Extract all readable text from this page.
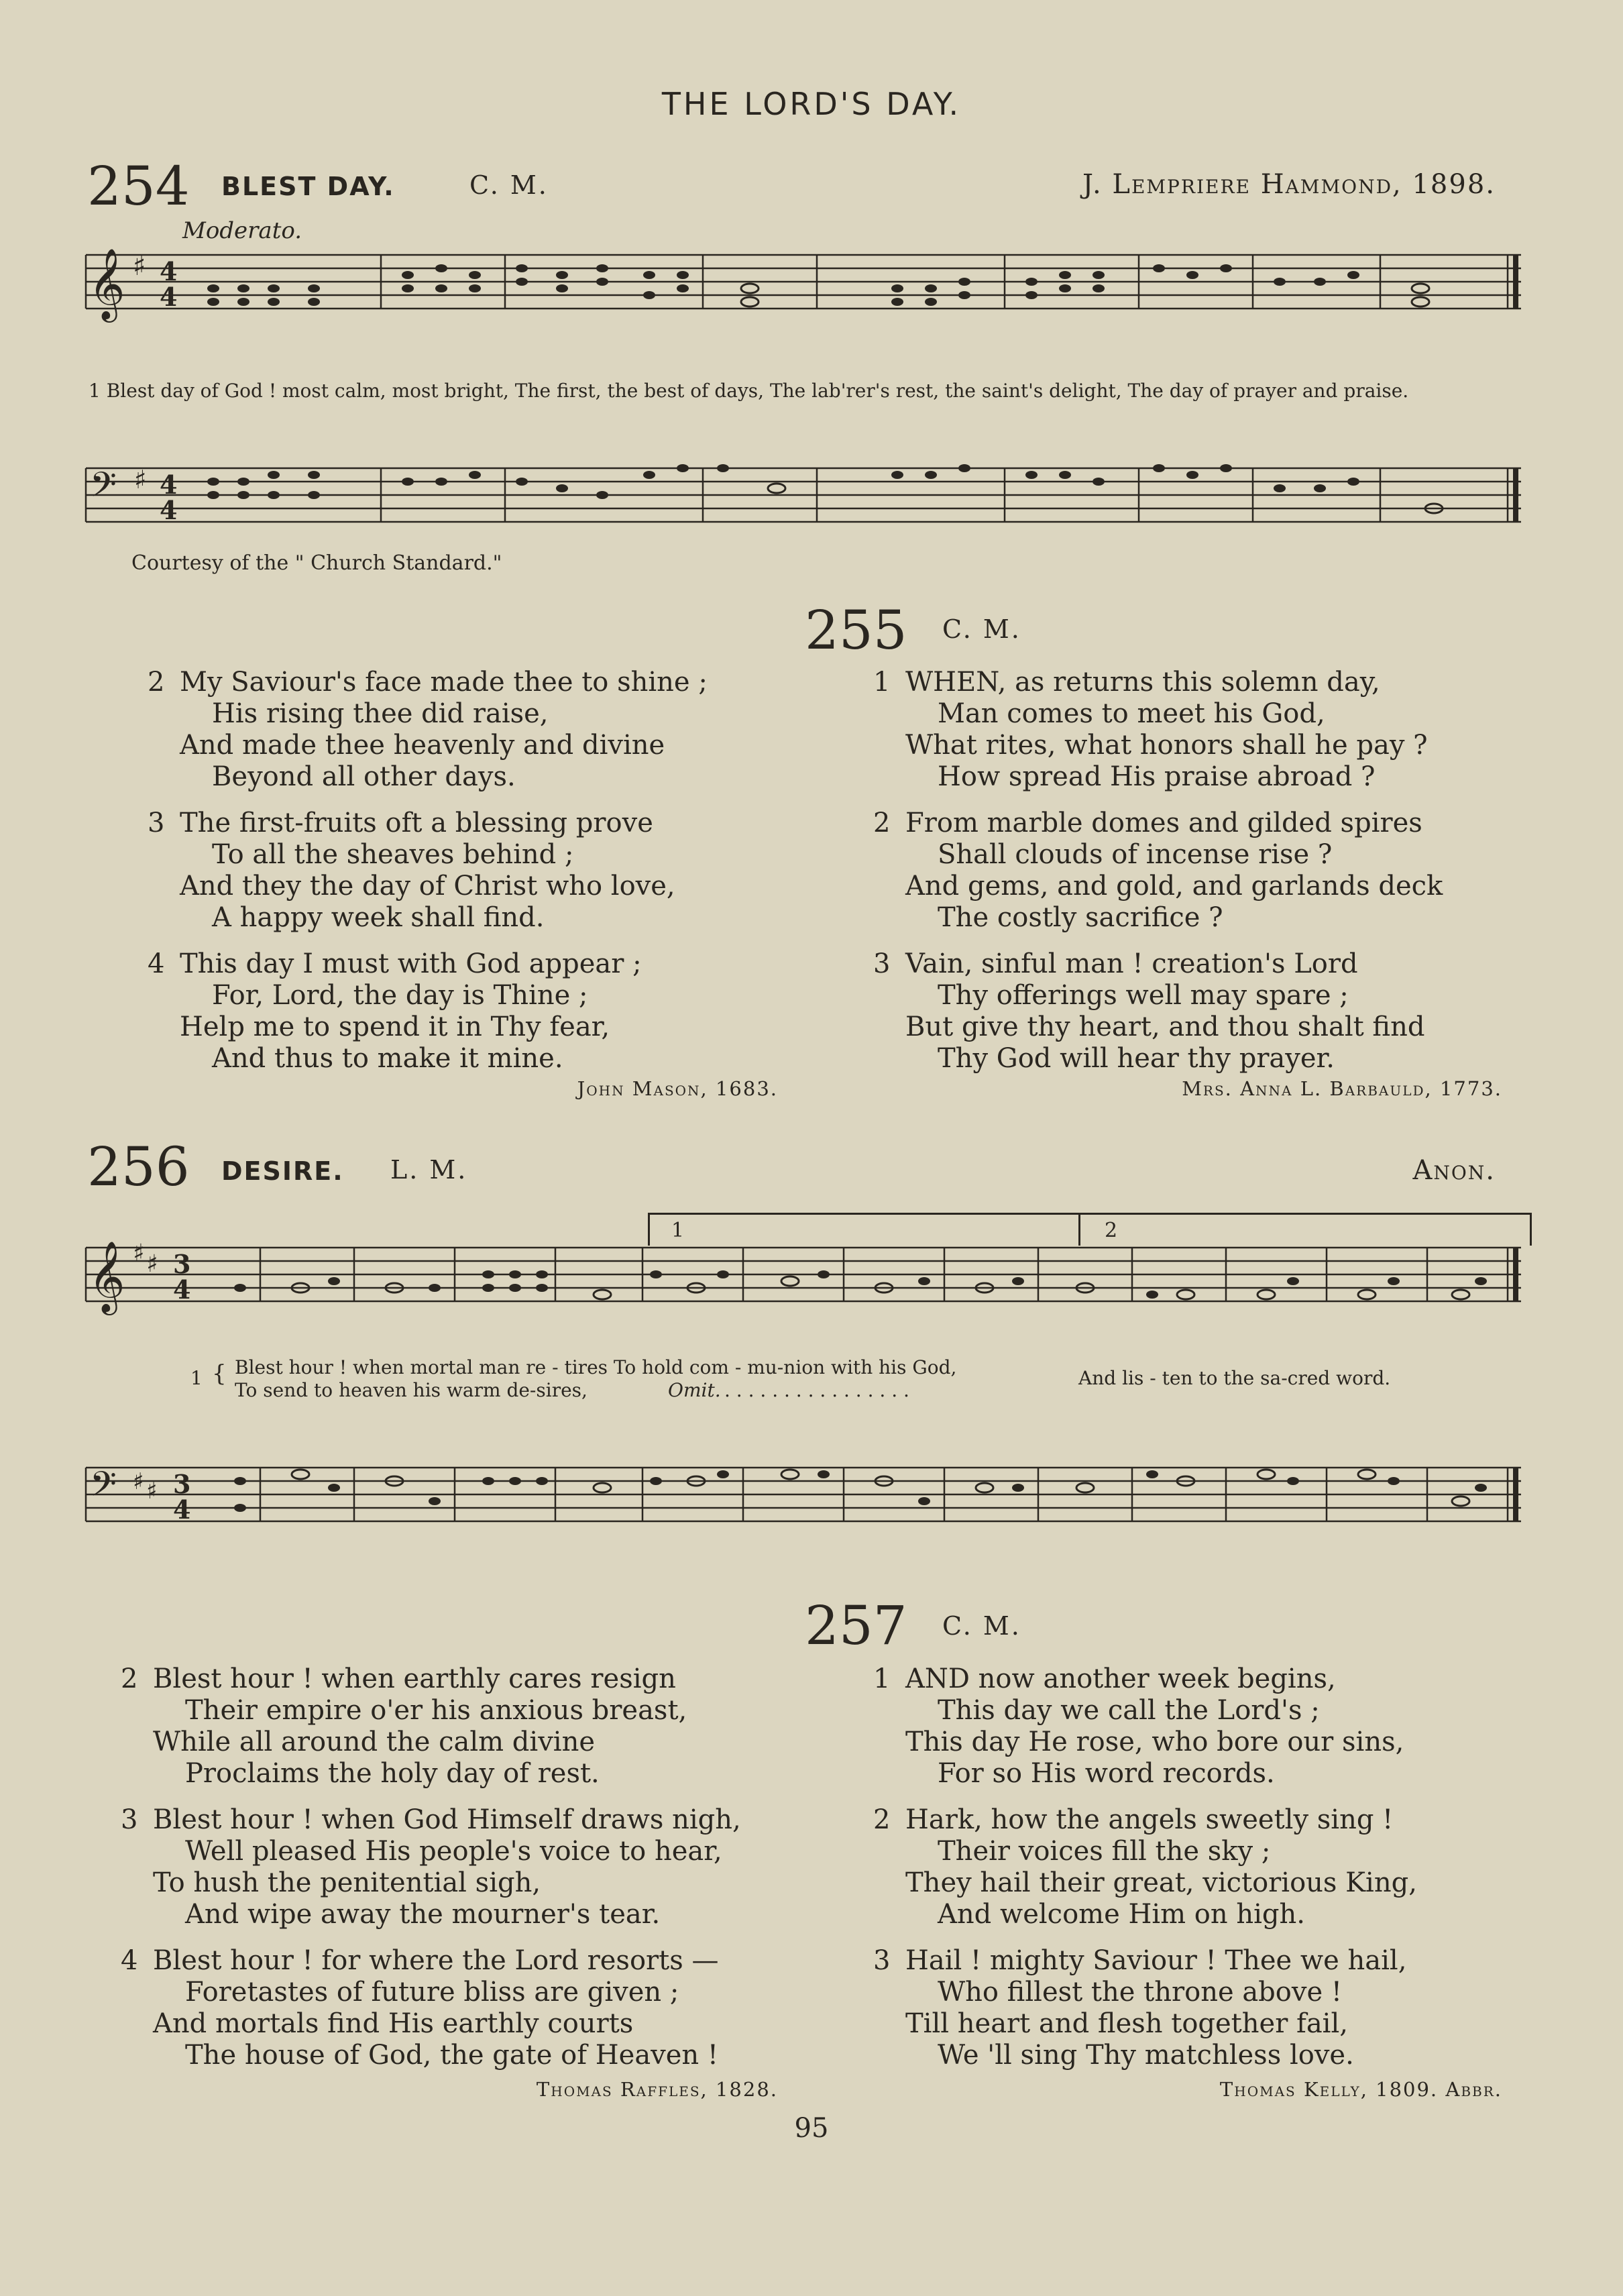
THE LORD'S DAY.
254 BLEST DAY.	C. M.	J. Lempriere Hammond, 1898.
Moderato.
𝄞 ♯ 4
4
1 Blest day of God ! most calm, most bright, The first, the best of days, The lab'rer's rest, the saint's delight, The day of prayer and praise.
𝄢 ♯ 4
4
Courtesy of the " Church Standard."
2 My Saviour's face made thee to shine ;
His rising thee did raise,
And made thee heavenly and divine
Beyond all other days.
3 The first-fruits oft a blessing prove
To all the sheaves behind ;
And they the day of Christ who love,
A happy week shall find.
4 This day I must with God appear ;
For, Lord, the day is Thine ;
Help me to spend it in Thy fear,
And thus to make it mine.
John Mason, 1683.
255 C. M.
1 WHEN, as returns this solemn day,
Man comes to meet his God,
What rites, what honors shall he pay ?
How spread His praise abroad ?
2 From marble domes and gilded spires
Shall clouds of incense rise ?
And gems, and gold, and garlands deck
The costly sacrifice ?
3 Vain, sinful man ! creation's Lord
Thy offerings well may spare ;
But give thy heart, and thou shalt find
Thy God will hear thy prayer.
Mrs. Anna L. Barbauld, 1773.
256 DESIRE. L. M.	Anon.
1	2
𝄞 ♯ ♯ 3
4
1 { Blest hour ! when mortal man re - tires To hold com - mu-nion with his God,
To send to heaven his warm de-sires,	Omit. . . . . . . . . . . . . . . . .
And lis - ten to the sa-cred word.
𝄢 ♯ ♯ 3
4
2 Blest hour ! when earthly cares resign
Their empire o'er his anxious breast,
While all around the calm divine
Proclaims the holy day of rest.
3 Blest hour ! when God Himself draws nigh,
Well pleased His people's voice to hear,
To hush the penitential sigh,
And wipe away the mourner's tear.
4 Blest hour ! for where the Lord resorts —
Foretastes of future bliss are given ;
And mortals find His earthly courts
The house of God, the gate of Heaven !
Thomas Raffles, 1828.
257 C. M.
1 AND now another week begins,
This day we call the Lord's ;
This day He rose, who bore our sins,
For so His word records.
2 Hark, how the angels sweetly sing !
Their voices fill the sky ;
They hail their great, victorious King,
And welcome Him on high.
3 Hail ! mighty Saviour ! Thee we hail,
Who fillest the throne above !
Till heart and flesh together fail,
We 'll sing Thy matchless love.
Thomas Kelly, 1809. Abbr.
95
